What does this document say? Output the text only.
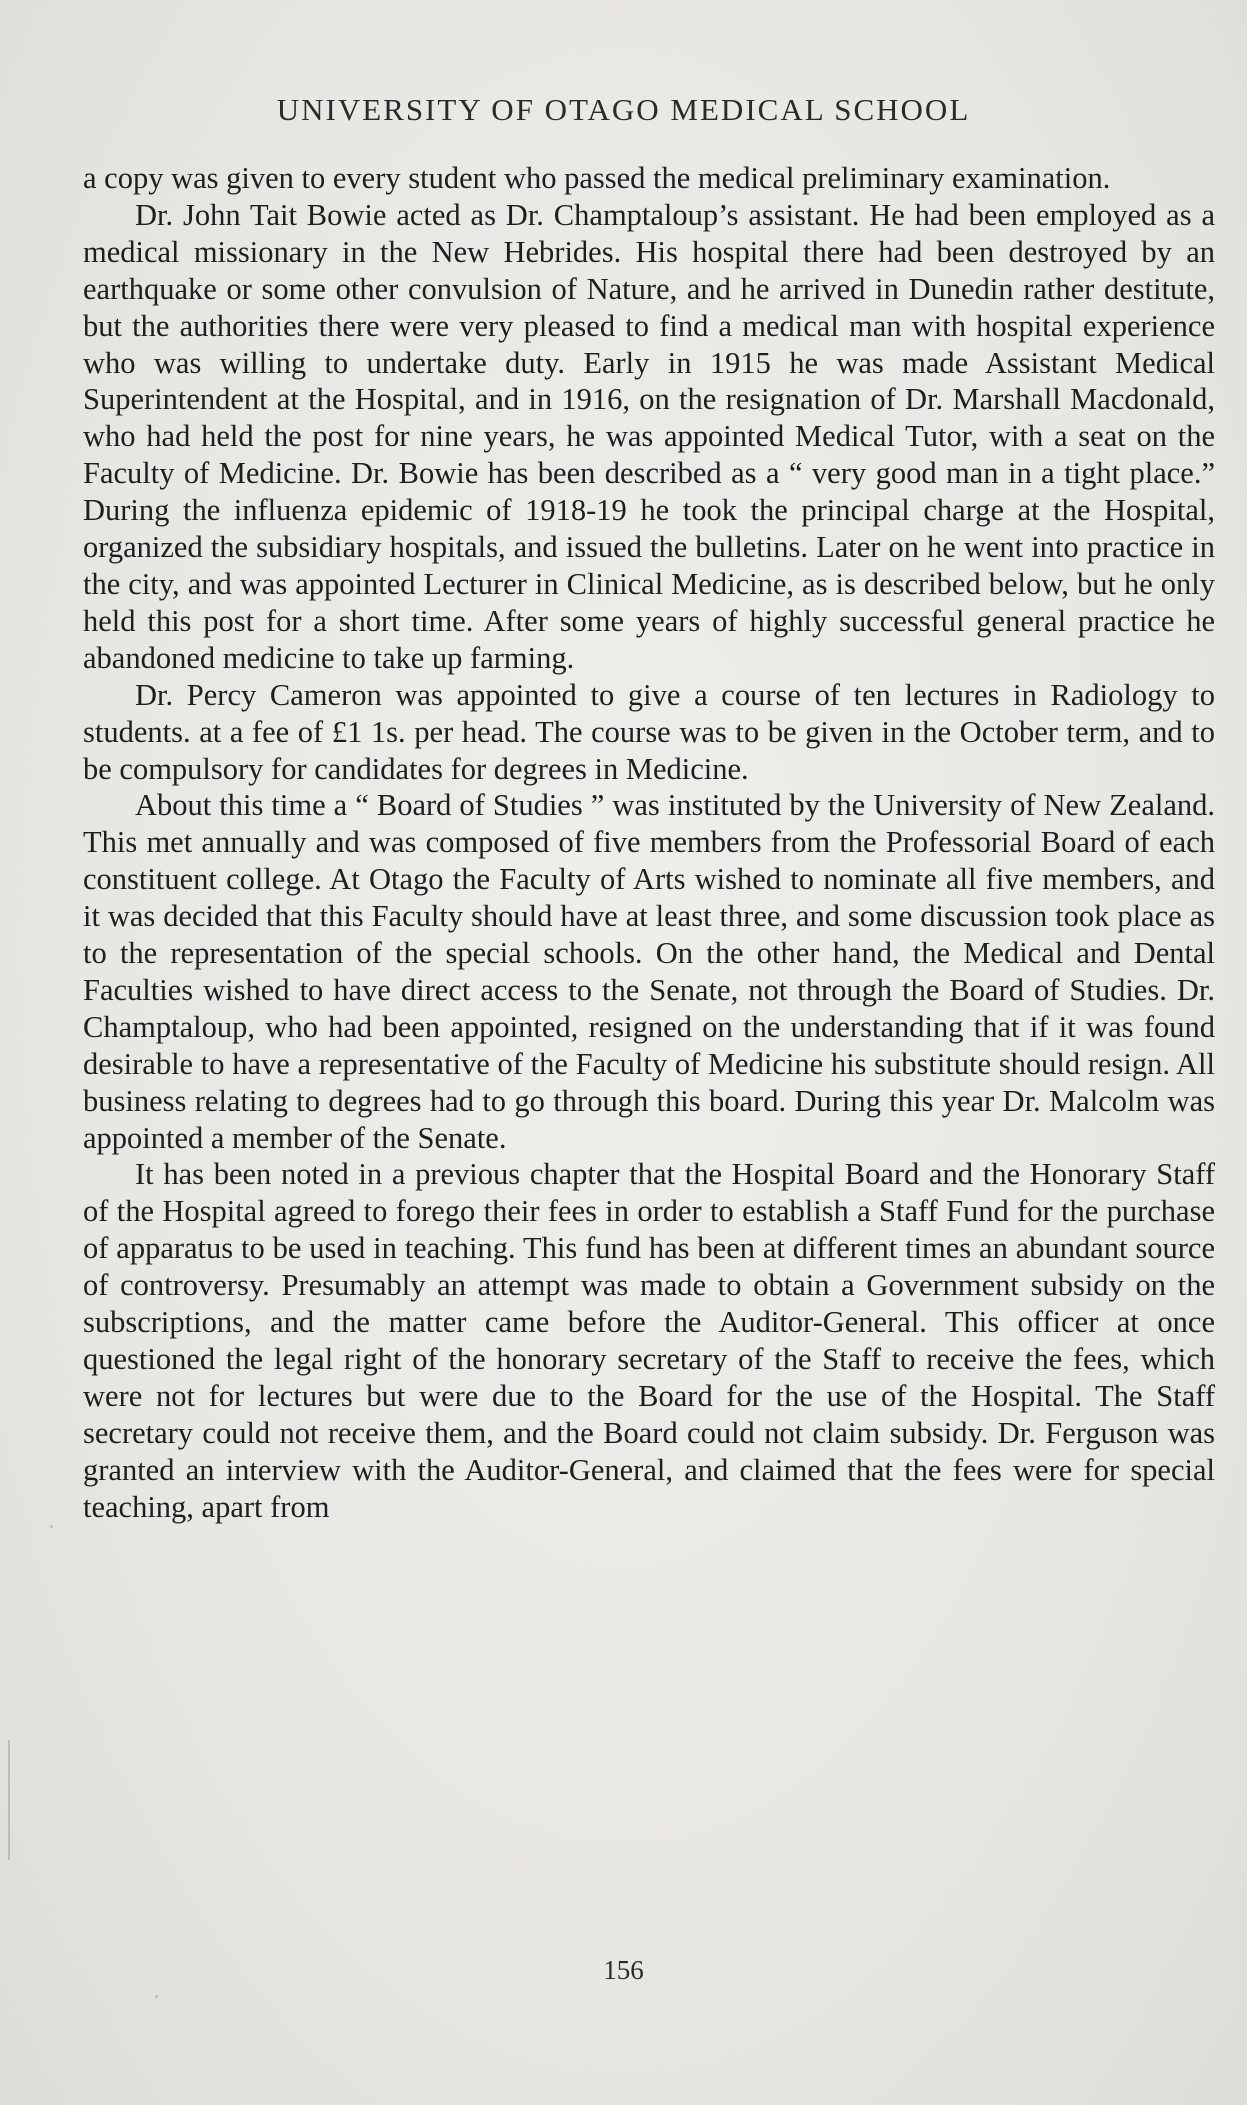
UNIVERSITY OF OTAGO MEDICAL SCHOOL

a copy was given to every student who passed the medical preliminary examination.

Dr. John Tait Bowie acted as Dr. Champtaloup’s assistant. He had been employed as a medical missionary in the New Hebrides. His hospital there had been destroyed by an earthquake or some other convulsion of Nature, and he arrived in Dunedin rather destitute, but the authorities there were very pleased to find a medical man with hospital experience who was willing to undertake duty. Early in 1915 he was made Assistant Medical Superintendent at the Hospital, and in 1916, on the resignation of Dr. Marshall Macdonald, who had held the post for nine years, he was appointed Medical Tutor, with a seat on the Faculty of Medicine. Dr. Bowie has been described as a “ very good man in a tight place.” During the influenza epidemic of 1918-19 he took the principal charge at the Hospital, organized the subsidiary hospitals, and issued the bulletins. Later on he went into practice in the city, and was appointed Lecturer in Clinical Medicine, as is described below, but he only held this post for a short time. After some years of highly successful general practice he abandoned medicine to take up farming.

Dr. Percy Cameron was appointed to give a course of ten lectures in Radiology to students. at a fee of £1 1s. per head. The course was to be given in the October term, and to be compulsory for candidates for degrees in Medicine.

About this time a “ Board of Studies ” was instituted by the University of New Zealand. This met annually and was composed of five members from the Professorial Board of each constituent college. At Otago the Faculty of Arts wished to nominate all five members, and it was decided that this Faculty should have at least three, and some discussion took place as to the representation of the special schools. On the other hand, the Medical and Dental Faculties wished to have direct access to the Senate, not through the Board of Studies. Dr. Champtaloup, who had been appointed, resigned on the understanding that if it was found desirable to have a representative of the Faculty of Medicine his substitute should resign. All business relating to degrees had to go through this board. During this year Dr. Malcolm was appointed a member of the Senate.

It has been noted in a previous chapter that the Hospital Board and the Honorary Staff of the Hospital agreed to forego their fees in order to establish a Staff Fund for the purchase of apparatus to be used in teaching. This fund has been at different times an abundant source of controversy. Presumably an attempt was made to obtain a Government subsidy on the subscriptions, and the matter came before the Auditor-General. This officer at once questioned the legal right of the honorary secretary of the Staff to receive the fees, which were not for lectures but were due to the Board for the use of the Hospital. The Staff secretary could not receive them, and the Board could not claim subsidy. Dr. Ferguson was granted an interview with the Auditor-General, and claimed that the fees were for special teaching, apart from

156
